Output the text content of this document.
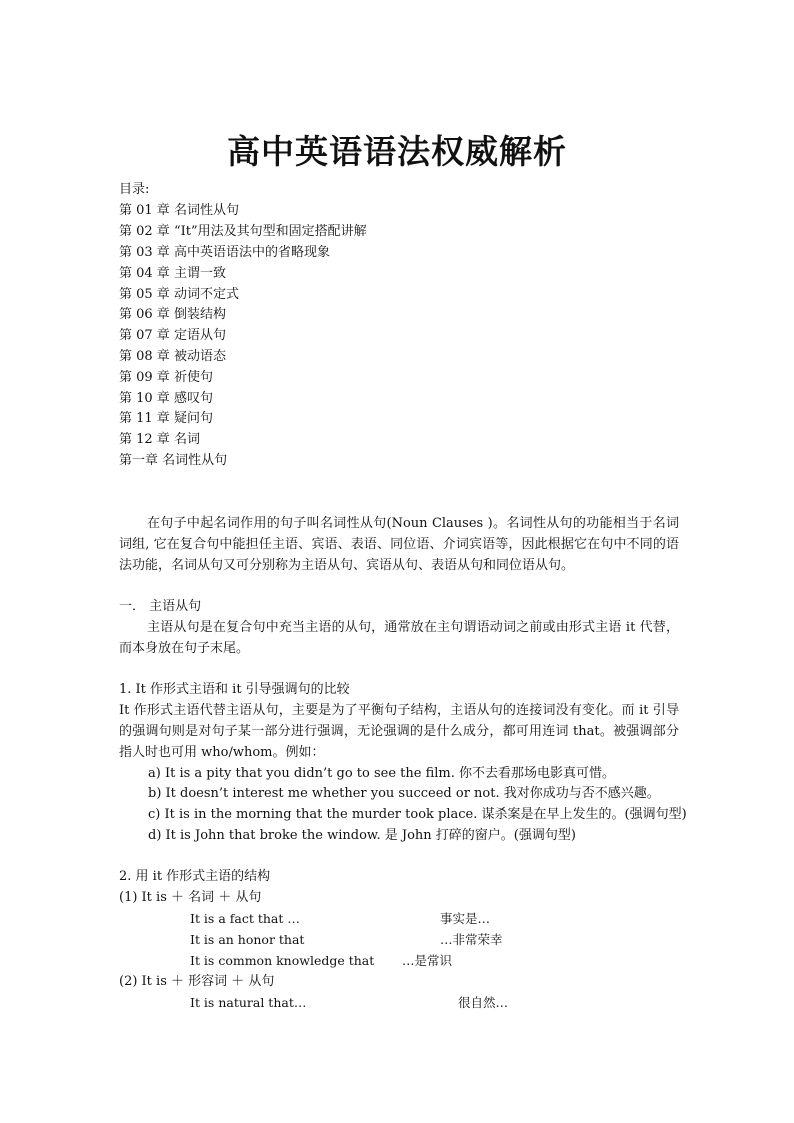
高中英语语法权威解析
目录:
第 01 章 名词性从句
第 02 章 “It”用法及其句型和固定搭配讲解
第 03 章 高中英语语法中的省略现象
第 04 章 主谓一致
第 05 章 动词不定式
第 06 章 倒装结构
第 07 章 定语从句
第 08 章 被动语态
第 09 章 祈使句
第 10 章 感叹句
第 11 章 疑问句
第 12 章 名词
第一章 名词性从句
在句子中起名词作用的句子叫名词性从句(Noun Clauses )。名词性从句的功能相当于名词词组, 它在复合句中能担任主语、宾语、表语、同位语、介词宾语等，因此根据它在句中不同的语法功能，名词从句又可分别称为主语从句、宾语从句、表语从句和同位语从句。
一． 主语从句
主语从句是在复合句中充当主语的从句，通常放在主句谓语动词之前或由形式主语 it 代替，而本身放在句子末尾。
1. It 作形式主语和 it 引导强调句的比较
It 作形式主语代替主语从句，主要是为了平衡句子结构，主语从句的连接词没有变化。而 it 引导的强调句则是对句子某一部分进行强调，无论强调的是什么成分，都可用连词 that。被强调部分指人时也可用 who/whom。例如：
a) It is a pity that you didn’t go to see the film. 你不去看那场电影真可惜。
b) It doesn’t interest me whether you succeed or not. 我对你成功与否不感兴趣。
c) It is in the morning that the murder took place. 谋杀案是在早上发生的。(强调句型)
d) It is John that broke the window. 是 John 打碎的窗户。(强调句型)
2. 用 it 作形式主语的结构
(1) It is ＋ 名词 ＋ 从句
It is a fact that …	事实是…
It is an honor that	…非常荣幸
It is common knowledge that …是常识
(2) It is ＋ 形容词 ＋ 从句
It is natural that…	很自然…
